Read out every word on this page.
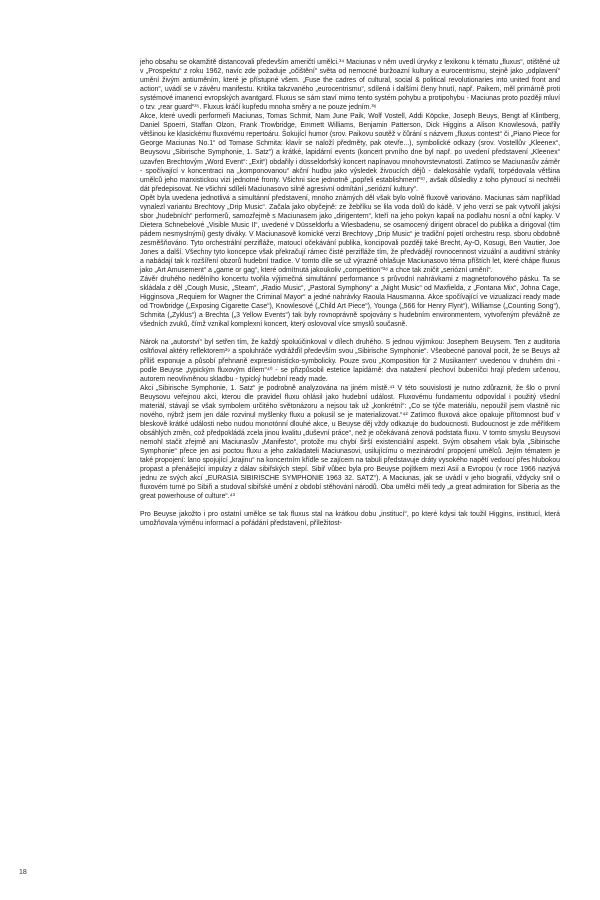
jeho obsahu se okamžitě distancovali především američtí umělci.³⁴ Maciunas v něm uvedl úryvky z lexikonu k tématu „fluxus“, otištěné už v „Prospektu“ z roku 1962, navíc zde požaduje „očištění“ světa od nemocné buržoazní kultury a eurocentrismu, stejně jako „odplavení“ umění živým antiuměním, které je přístupné všem. „Fuse the cadres of cultural, social & political revolutionaries into united front and action“, uvádí se v závěru manifestu. Kritika takzvaného „eurocentrismu“, sdílená i dalšími členy hnutí, např. Paikem, měl primárně proti systémové imanenci evropských avantgard. Fluxus se sám staví mimo tento systém pohybu a protipohybu - Maciunas proto později mluví o tzv. „rear guard“³⁵. Fluxus kráčí kupředu mnoha směry a ne pouze jedním.³⁶

Akce, které uvedli performeři Maciunas, Tomas Schmit, Nam June Paik, Wolf Vostell, Addi Köpcke, Joseph Beuys, Bengt af Klintberg, Daniel Spoerri, Staffan Olzon, Frank Trowbridge, Emmett Williams, Benjamin Patterson, Dick Higgins a Alison Knowlesová, patřily většinou ke klasickému fluxovému repertoáru. Šokující humor (srov. Paikovu soutěž v čůrání s názvem „fluxus contest“ či „Piano Piece for George Maciunas No.1“ od Tomase Schmita: klavír se naloží předměty, pak otevře...), symbolické odkazy (srov. Vostellův „Kleenex“, Beuysovu „Sibirische Symphonie, 1. Satz“) a krátké, lapidární events (koncert prvního dne byl např. po uvedení představení „Kleenex“ uzavřen Brechtovým „Word Event“: „Exit“) obdařily i düsseldorfský koncert napínavou mnohovrstevnatostí. Zatímco se Maciunasův záměr - spočívající v koncentraci na „komponovanou“ akční hudbu jako výsledek živoucích dějů - dalekosáhle vydařil, torpédovala většina umělců jeho marxistickou vizi jednotné fronty. Všichni sice jednotně „popřeli establishment“³⁷, avšak důsledky z toho plynoucí si nechtěli dát předepisovat. Ne všichni sdíleli Maciunasovo silně agresivní odmítání „seriózní kultury“.

Opět byla uvedena jednotlivá a simultánní představení, mnoho známých děl však bylo volně fluxově variováno. Maciunas sám například vynalezl variantu Brechtovy „Drip Music“. Začala jako obyčejně: ze žebříku se lila voda dolů do kádě. V jeho verzi se pak vytvořil jakýsi sbor „hudebních“ performerů, samozřejmě s Maciunasem jako „dirigentem“, kteří na jeho pokyn kapali na podlahu nosní a oční kapky. V Dietera Schnebelové „Visible Music II“, uvedené v Düsseldorfu a Wiesbadenu, se osamocený dirigent obracel do publika a dirigoval (tím pádem nesmyslnými) gesty diváky. V Maciunasově komické verzi Brechtovy „Drip Music“ je tradiční pojetí orchestru resp. sboru obdobně zesměšňováno. Tyto orchestrální perzifláže, matoucí očekávání publika, koncipovali později také Brecht, Ay-O, Kosugi, Ben Vautier, Joe Jones a další. Všechny tyto koncepce však překračují rámec čisté perzifláže tím, že předvádějí rovnocennost vizuální a auditivní stránky a nabádají tak k rozšíření obzorů hudební tradice. V tomto díle se už výrazně ohlašuje Maciunasovo téma příštích let, které chápe fluxus jako „Art Amusement“ a „game or gag“, které odmítnutá jakoukoliv „competition“³⁸ a chce tak zničit „seriózní umění“.

Závěr druhého nedělního koncertu tvořila výjimečná simultánní performance s průvodní nahrávkami z magnetofonového pásku. Ta se skládala z děl „Cough Music, „Steam“, „Radio Music“, „Pastoral Symphony“ a „Night Music“ od Maxfielda, z „Fontana Mix“, Johna Cage, Higginsova „Requiem for Wagner the Criminal Mayor“ a jedné nahrávky Raoula Hausmanna. Akce spočívající ve vizualizaci ready made od Trowbridge („Exposing Cigarette Case“), Knowlesové („Child Art Piece“), Younga („566 for Henry Flynt“), Williamse („Counting Song“), Schmita („Zyklus“) a Brechta („3 Yellow Events“) tak byly rovnoprávně spojovány s hudebním environmentem, vytvořeným převážně ze všedních zvuků, čímž vznikal komplexní koncert, který oslovoval více smyslů současně.

Nárok na „autorství“ byl setřen tím, že každý spoluúčinkoval v dílech druhého. S jednou výjimkou: Josephem Beuysem. Ten z auditoria osltňoval aktéry reflektorem³⁹ a spoluhráče vydrážďil především svou „Sibirische Symphonie“. Všeobecné panoval pocit, že se Beuys až příliš exponuje a působí přehnaně expresionisticko-symbolicky. Pouze svou „Komposition für 2 Musikanten“ uvedenou v druhém dni - podle Beuyse „typickým fluxovým dílem“⁴⁰ - se přizpůsobil estetice lapidárně: dva natažení plechoví bubeníčci hrají předem určenou, autorem neovlivněnou skladbu - typický hudební ready made.

Akci „Sibirische Symphonie, 1. Satz“ je podrobně analyzována na jiném místě.⁴¹ V této souvislosti je nutno zdůraznit, že šlo o první Beuysovu veřejnou akci, kterou dle pravidel fluxu ohlásil jako hudební událost. Fluxovému fundamentu odpovídal i použitý všední materiál, stávají se však symbolem určitého světonázoru a nejsou tak už „konkrétní“: „Co se týče materiálu, nepoužil jsem vlastně nic nového, nýbrž jsem jen dále rozvinul myšlenky fluxu a pokusil se je materializovat.“⁴² Zatímco fluxová akce opakuje přítomnost buď v bleskově krátké události nebo nudou monotónní dlouhé akce, u Beuyse děj vždy odkazuje do budoucnosti. Budoucnost je zde měřítkem obsáhlých změn, což předpokládá zcela jinou kvalitu „duševní práce“, než je očekávaná zenová podstata fluxu. V tomto smyslu Beuysovi nemohl stačit zřejmě ani Maciunasův „Manifesto“, protože mu chybí širší existenciální aspekt. Svým obsahem však byla „Sibirische Symphonie“ přece jen asi poctou fluxu a jeho zakladateli Maciunasovi, usilujícímu o mezinárodní propojení umělců. Jejím tématem je také propojení: lano spojující „krajinu“ na koncertním křídle se zajícem na tabuli představuje dráty vysokého napětí vedoucí přes hlubokou propast a přenášející impulzy z dálav sibiřských stepí. Sibiř vůbec byla pro Beuyse pojítkem mezi Asií a Evropou (v roce 1966 nazývá jednu ze svých akcí „EURASIA SIBIRISCHE SYMPHONIE 1963 32. SATZ“). A Maciunas, jak se uvádí v jeho biografii, vždycky snil o fluxovém turné po Sibiři a studoval sibiřské umění z období stěhování národů. Oba umělci měli tedy „a great admiration for Siberia as the great powerhouse of culture“.⁴³

Pro Beuyse jakožto i pro ostatní umělce se tak fluxus stal na krátkou dobu „institucí“, po které kdysi tak toužil Higgins, institucí, která umožňovala výměnu informací a pořádání představení, příležitost-

18
